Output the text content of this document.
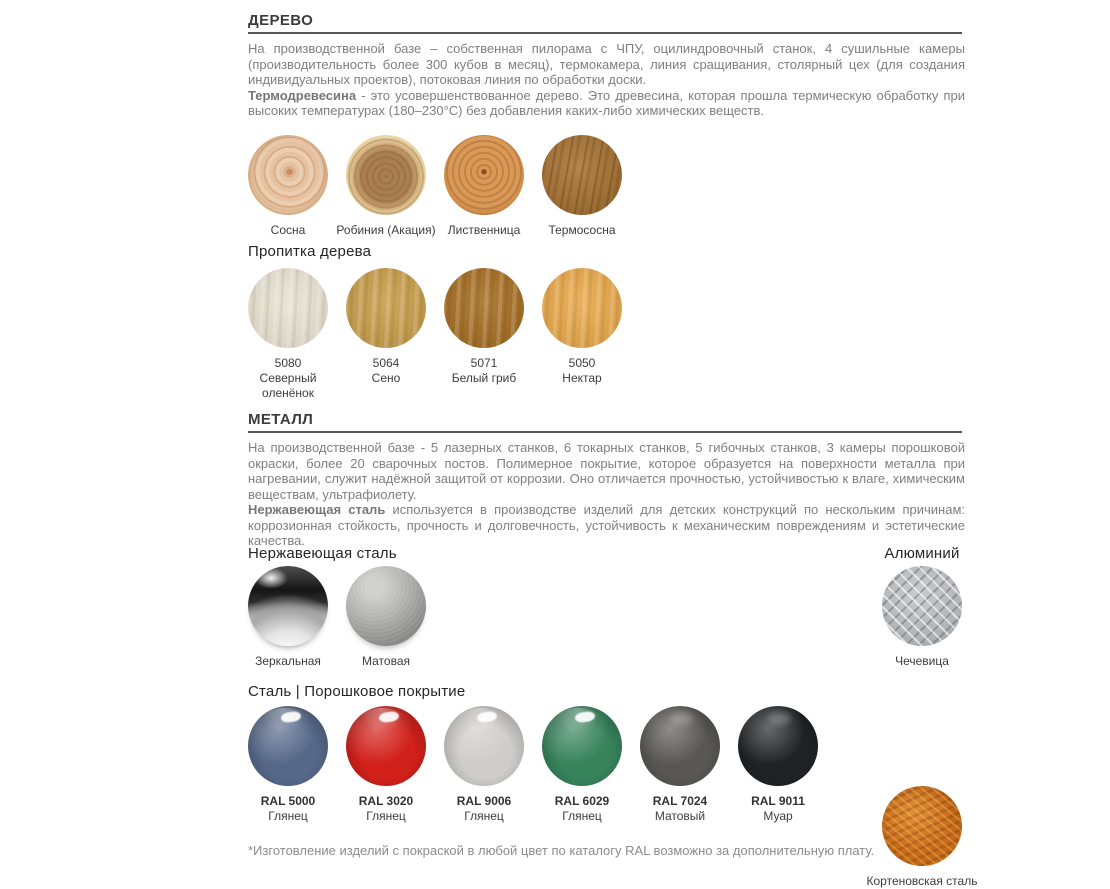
ДЕРЕВО

На производственной базе – собственная пилорама с ЧПУ, оцилиндровочный станок, 4 сушильные камеры (производительность более 300 кубов в месяц), термокамера, линия сращивания, столярный цех (для создания индивидуальных проектов), потоковая линия по обработки доски.

Термодревесина - это усовершенствованное дерево. Это древесина, которая прошла термическую обработку при высоких температурах (180–230°С) без добавления каких-либо химических веществ.

Сосна	Робиния (Акация) Лиственница Термососна
Пропитка дерева
5080
Северный оленёнок
5064
Сено
5071
Белый гриб
5050
Нектар
МЕТАЛЛ

На производственной базе - 5 лазерных станков, 6 токарных станков, 5 гибочных станков, 3 камеры порошковой окраски, более 20 сварочных постов. Полимерное покрытие, которое образуется на поверхности металла при нагревании, служит надёжной защитой от коррозии. Оно отличается прочностью, устойчивостью к влаге, химическим веществам, ультрафиолету.

Нержавеющая сталь используется в производстве изделий для детских конструкций по нескольким причинам: коррозионная стойкость, прочность и долговечность, устойчивость к механическим повреждениям и эстетические качества.

Нержавеющая сталь	Алюминий
Зеркальная	Матовая	Чечевица
Сталь | Порошковое покрытие
RAL 5000
Глянец
RAL 3020
Глянец
RAL 9006
Глянец
RAL 6029
Глянец
RAL 7024
Матовый
RAL 9011
Муар
Кортеновская сталь
*Изготовление изделий с покраской в любой цвет по каталогу RAL возможно за дополнительную плату.
